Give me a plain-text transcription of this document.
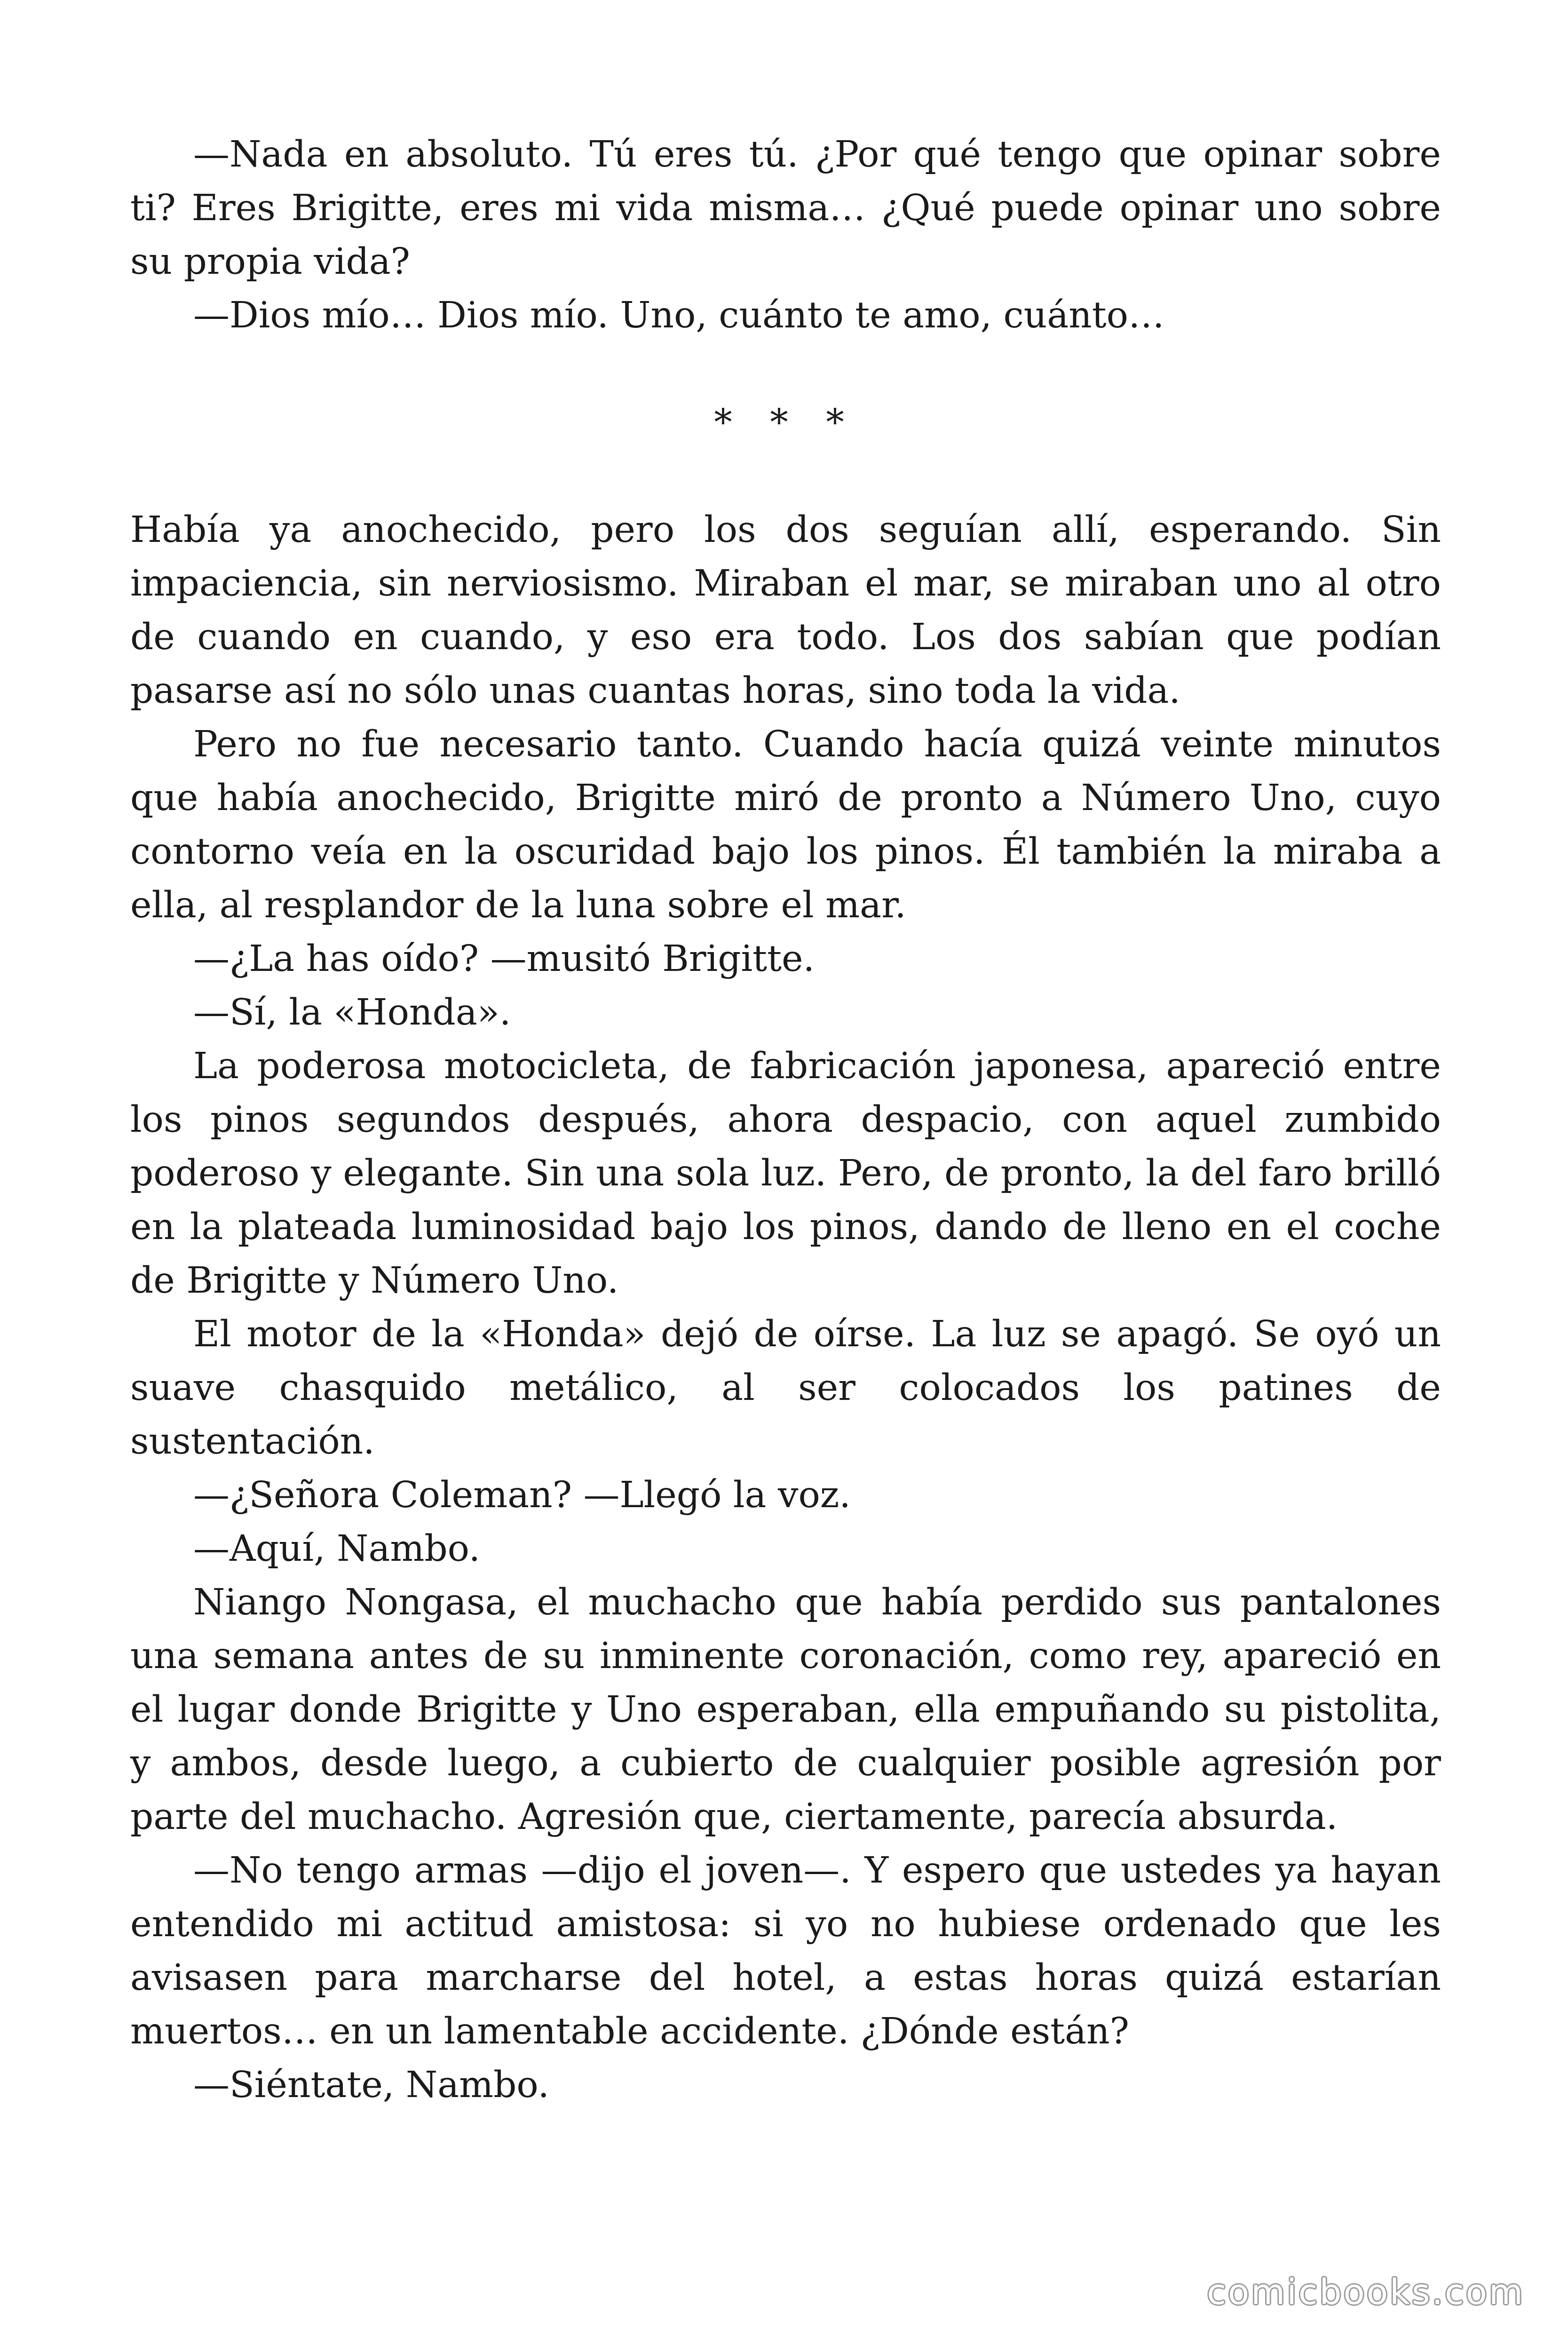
—Nada en absoluto. Tú eres tú. ¿Por qué tengo que opinar sobre ti? Eres Brigitte, eres mi vida misma… ¿Qué puede opinar uno sobre su propia vida?

—Dios mío… Dios mío. Uno, cuánto te amo, cuánto…

* * *

Había ya anochecido, pero los dos seguían allí, esperando. Sin impaciencia, sin nerviosismo. Miraban el mar, se miraban uno al otro de cuando en cuando, y eso era todo. Los dos sabían que podían pasarse así no sólo unas cuantas horas, sino toda la vida.

Pero no fue necesario tanto. Cuando hacía quizá veinte minutos que había anochecido, Brigitte miró de pronto a Número Uno, cuyo contorno veía en la oscuridad bajo los pinos. Él también la miraba a ella, al resplandor de la luna sobre el mar.

—¿La has oído? —musitó Brigitte.

—Sí, la «Honda».

La poderosa motocicleta, de fabricación japonesa, apareció entre los pinos segundos después, ahora despacio, con aquel zumbido poderoso y elegante. Sin una sola luz. Pero, de pronto, la del faro brilló en la plateada luminosidad bajo los pinos, dando de lleno en el coche de Brigitte y Número Uno.

El motor de la «Honda» dejó de oírse. La luz se apagó. Se oyó un suave chasquido metálico, al ser colocados los patines de sustentación.

—¿Señora Coleman? —Llegó la voz.

—Aquí, Nambo.

Niango Nongasa, el muchacho que había perdido sus pantalones una semana antes de su inminente coronación, como rey, apareció en el lugar donde Brigitte y Uno esperaban, ella empuñando su pistolita, y ambos, desde luego, a cubierto de cualquier posible agresión por parte del muchacho. Agresión que, ciertamente, parecía absurda.

—No tengo armas —dijo el joven—. Y espero que ustedes ya hayan entendido mi actitud amistosa: si yo no hubiese ordenado que les avisasen para marcharse del hotel, a estas horas quizá estarían muertos… en un lamentable accidente. ¿Dónde están?

—Siéntate, Nambo.

comicbooks.com
